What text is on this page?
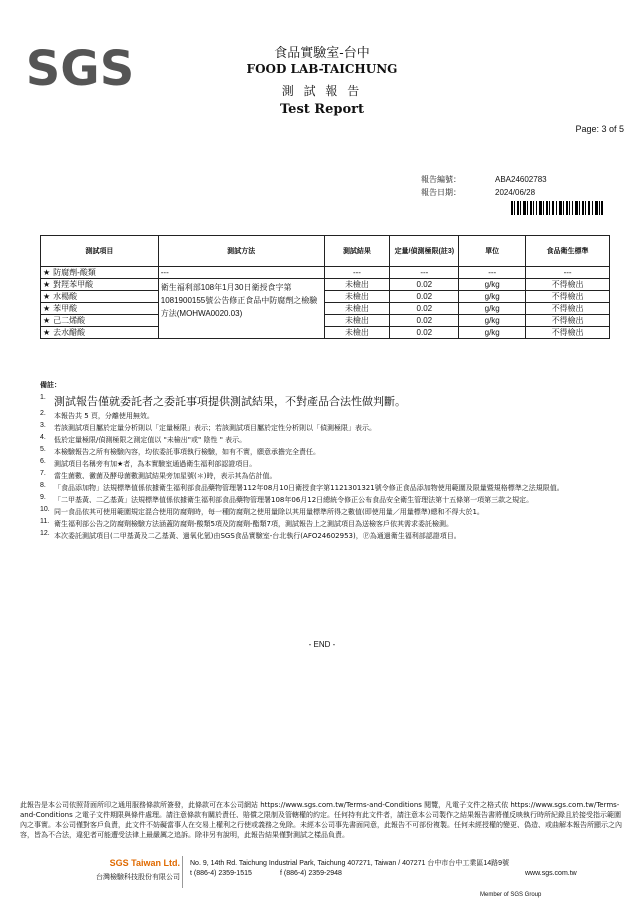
SGS	食品實驗室-台中
FOOD LAB-TAICHUNG
測 試 報 告
Test Report
Page: 3 of 5
報告編號：	ABA24602783
報告日期：	2024/06/28
測試項目	測試方法	測試結果	定量/偵測極限(註3)	單位	食品衛生標準
★ 防腐劑-酸類	---	---	---	---	---
★ 對羥苯甲酸	衛生福利部108年1月30日衛授食字第1081900155號公告修正食品中防腐劑之檢驗方法(MOHWA0020.03)	未檢出	0.02	g/kg	不得檢出
★ 水楊酸		未檢出	0.02	g/kg	不得檢出
★ 苯甲酸		未檢出	0.02	g/kg	不得檢出
★ 己二烯酸		未檢出	0.02	g/kg	不得檢出
★ 去水醋酸		未檢出	0.02	g/kg	不得檢出
備註：
1. 測試報告僅就委託者之委託事項提供測試結果，不對產品合法性做判斷。
2.	本報告共 5 頁，分離使用無效。
3.	若該測試項目屬於定量分析則以「定量極限」表示；若該測試項目屬於定性分析則以「偵測極限」表示。
4.	低於定量極限/偵測極限之測定值以 "未檢出"或" 陰性 " 表示。
5.	本檢驗報告之所有檢驗內容，均依委託事項執行檢驗，如有不實，願意承擔完全責任。
6.	測試項目名稱旁有加★者，為本實驗室通過衛生福利部認證項目。
7.	當生菌數、黴菌及酵母菌數測試結果旁加星號(＊)時，表示其為估計值。
8.	「食品添加物」法規標準值係依據衛生福利部食品藥物管理署112年08月10日衛授食字第1121301321號令修正食品添加物使用範圍及限量暨規格標準之法規限值。
9.	「二甲基黃、二乙基黃」法規標準值係依據衛生福利部食品藥物管理署108年06月12日總統令修正公布食品安全衛生管理法第十五條第一項第三款之規定。
10. 同一食品依其可使用範圍規定混合使用防腐劑時，每一種防腐劑之使用量除以其用量標準所得之數值(即使用量／用量標準)總和不得大於1。
11. 衛生福利部公告之防腐劑檢驗方法涵蓋防腐劑-酸類5項及防腐劑-酯類7項，測試報告上之測試項目為送檢客戶依其需求委託檢測。
12. 本次委託測試項目(二甲基黃及二乙基黃、過氧化氫)由SGS食品實驗室-台北執行(AFO24602953)，Ⓟ為通過衛生福利部認證項目。
- END -
此報告是本公司依照背面所印之通用服務條款所簽發，此條款可在本公司網站 https://www.sgs.com.tw/Terms-and-Conditions 閱覽，凡電子文件之格式依 https://www.sgs.com.tw/Terms-and-Conditions 之電子文件期限與條件處理。請注意條款有關於責任、賠償之限制及管轄權的約定。任何持有此文件者，請注意本公司製作之結果報告書將僅反映執行時所紀錄且於接受指示範圍內之事實。本公司僅對客戶負責，此文件不妨礙當事人在交易上權利之行使或義務之免除。未經本公司事先書面同意，此報告不可部份複製。任何未經授權的變更、偽造、或曲解本報告所顯示之內容，皆為不合法，違犯者可能遭受法律上最嚴厲之追訴。除非另有說明，此報告結果僅對測試之樣品負責。
SGS Taiwan Ltd.
台灣檢驗科技股份有限公司
No. 9, 14th Rd. Taichung Industrial Park, Taichung 407271, Taiwan / 407271 台中市台中工業區14路9號
t (886-4) 2359-1515	f (886-4) 2359-2948	www.sgs.com.tw
Member of SGS Group
